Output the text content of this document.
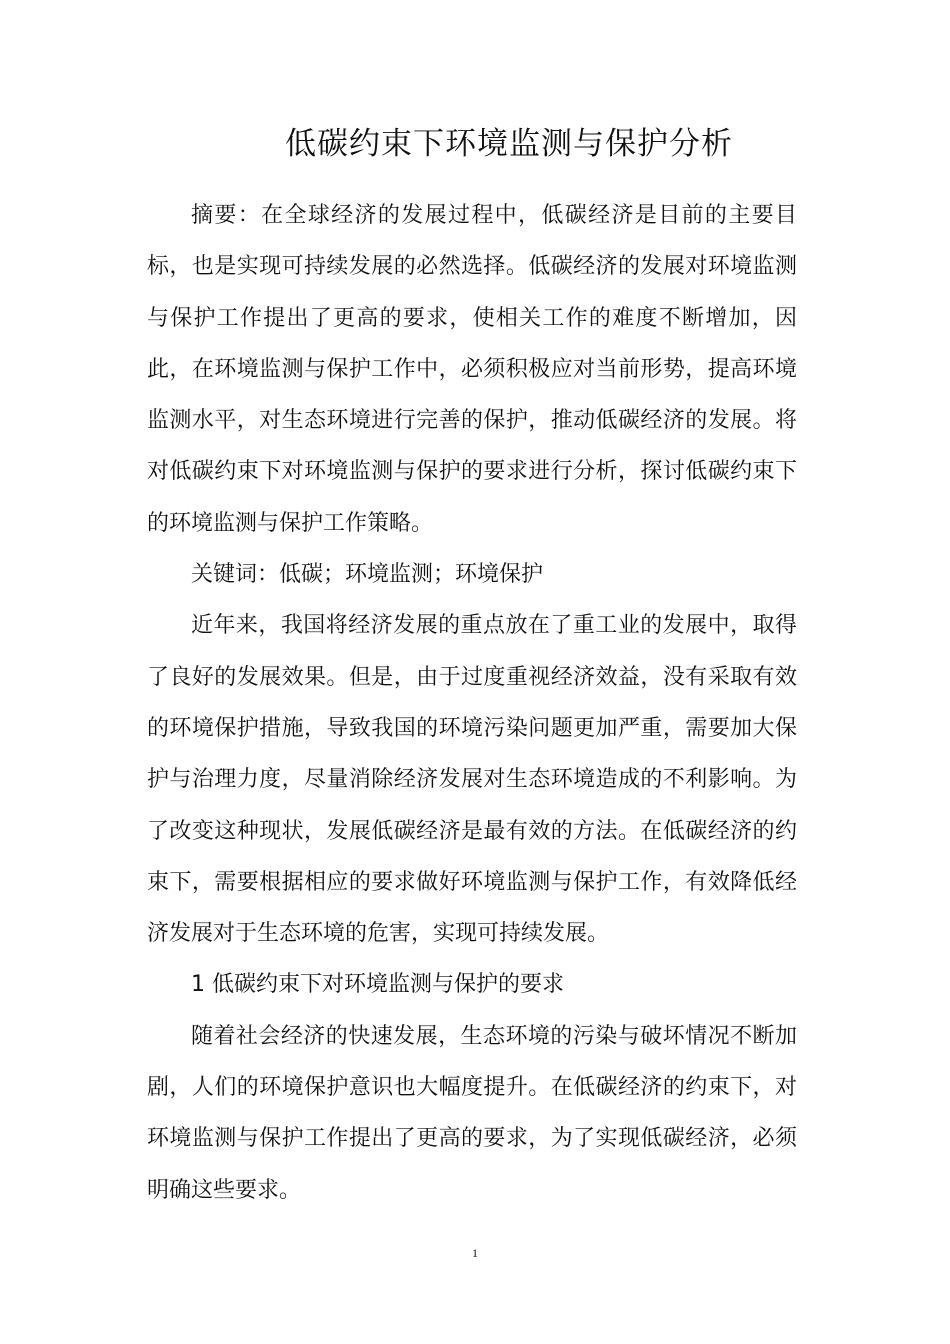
低碳约束下环境监测与保护分析

摘要：在全球经济的发展过程中，低碳经济是目前的主要目标，也是实现可持续发展的必然选择。低碳经济的发展对环境监测与保护工作提出了更高的要求，使相关工作的难度不断增加，因此，在环境监测与保护工作中，必须积极应对当前形势，提高环境监测水平，对生态环境进行完善的保护，推动低碳经济的发展。将对低碳约束下对环境监测与保护的要求进行分析，探讨低碳约束下的环境监测与保护工作策略。

关键词：低碳；环境监测；环境保护

近年来，我国将经济发展的重点放在了重工业的发展中，取得了良好的发展效果。但是，由于过度重视经济效益，没有采取有效的环境保护措施，导致我国的环境污染问题更加严重，需要加大保护与治理力度，尽量消除经济发展对生态环境造成的不利影响。为了改变这种现状，发展低碳经济是最有效的方法。在低碳经济的约束下，需要根据相应的要求做好环境监测与保护工作，有效降低经济发展对于生态环境的危害，实现可持续发展。

1 低碳约束下对环境监测与保护的要求

随着社会经济的快速发展，生态环境的污染与破坏情况不断加剧，人们的环境保护意识也大幅度提升。在低碳经济的约束下，对环境监测与保护工作提出了更高的要求，为了实现低碳经济，必须明确这些要求。

1
